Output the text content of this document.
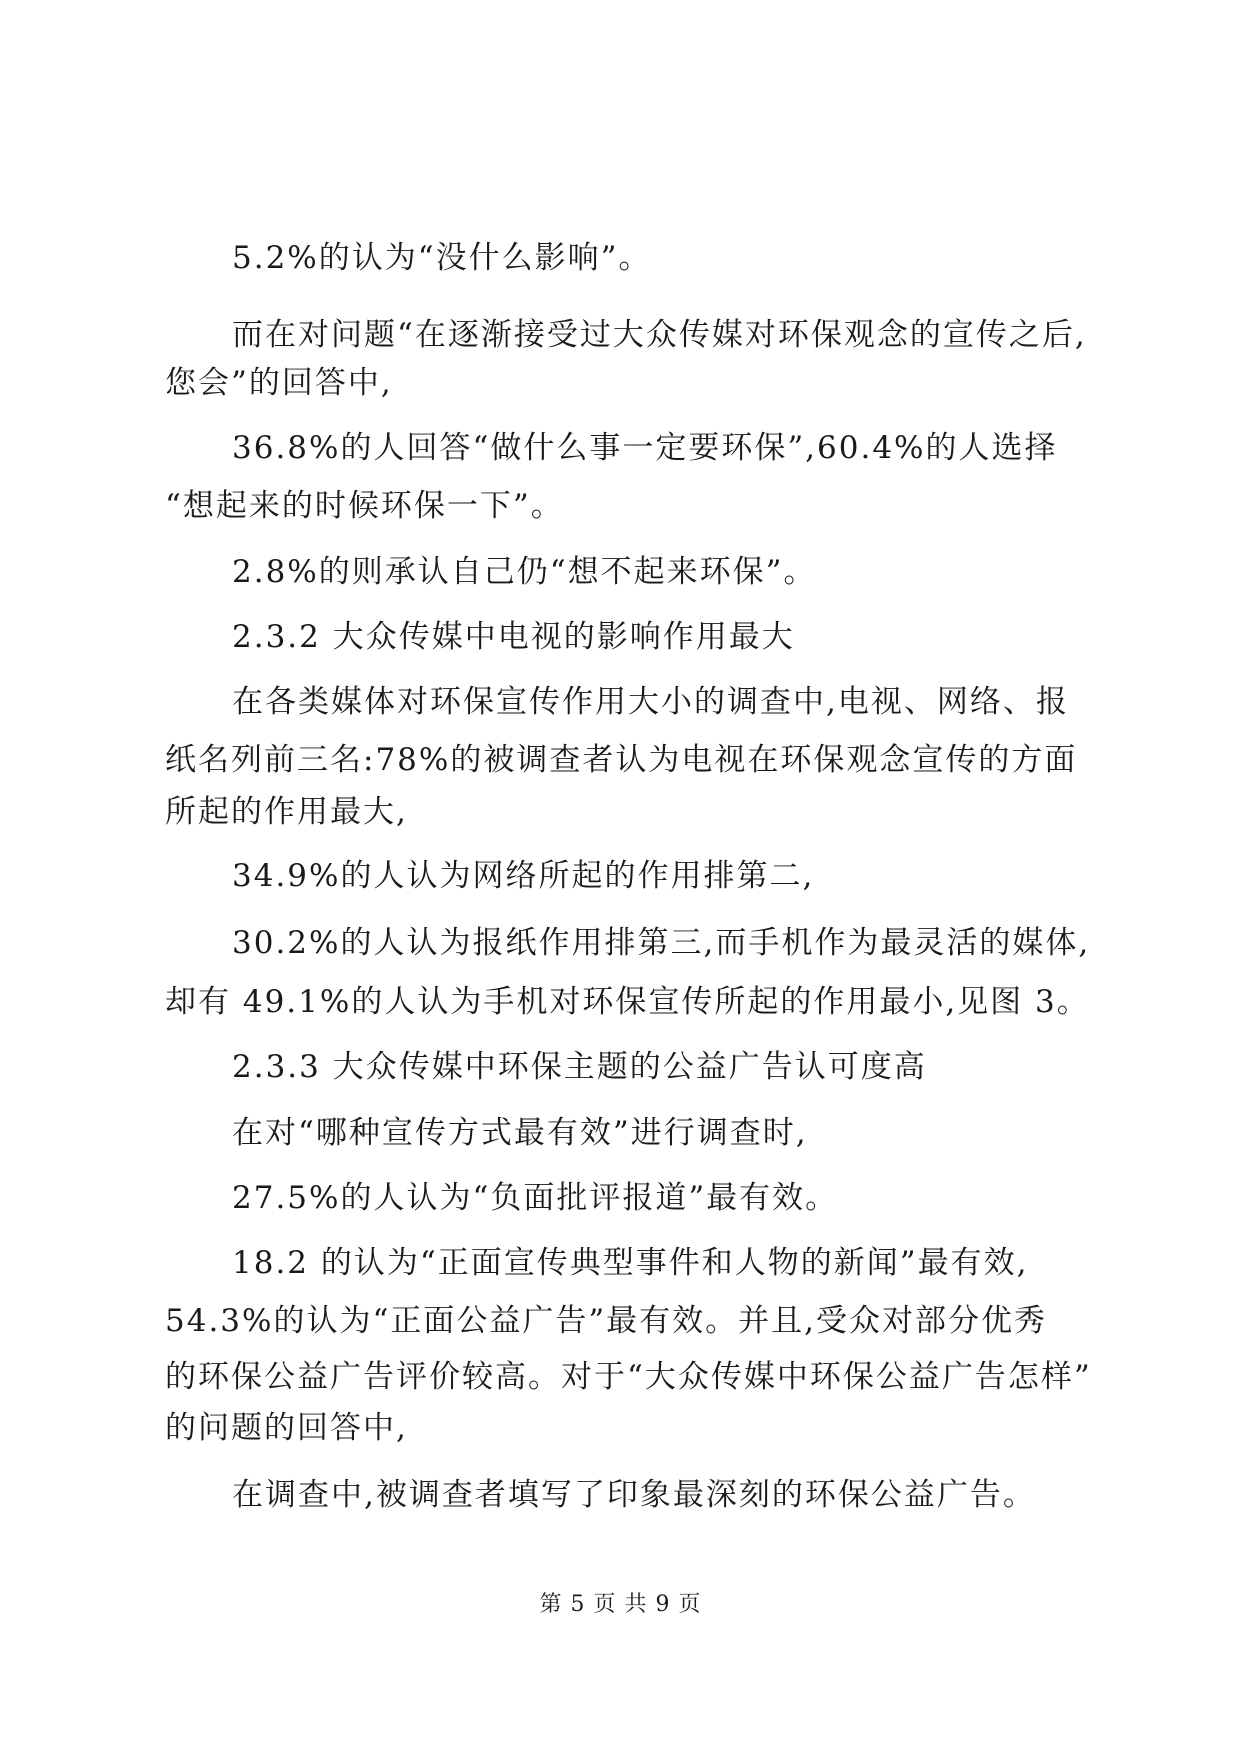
5.2%的认为“没什么影响”。
而在对问题“在逐渐接受过大众传媒对环保观念的宣传之后,
您会”的回答中,
36.8%的人回答“做什么事一定要环保”,60.4%的人选择
“想起来的时候环保一下”。
2.8%的则承认自己仍“想不起来环保”。
2.3.2 大众传媒中电视的影响作用最大
在各类媒体对环保宣传作用大小的调查中,电视、网络、报
纸名列前三名:78%的被调查者认为电视在环保观念宣传的方面
所起的作用最大,
34.9%的人认为网络所起的作用排第二,
30.2%的人认为报纸作用排第三,而手机作为最灵活的媒体,
却有 49.1%的人认为手机对环保宣传所起的作用最小,见图 3。
2.3.3 大众传媒中环保主题的公益广告认可度高
在对“哪种宣传方式最有效”进行调查时,
27.5%的人认为“负面批评报道”最有效。
18.2 的认为“正面宣传典型事件和人物的新闻”最有效,
54.3%的认为“正面公益广告”最有效。并且,受众对部分优秀
的环保公益广告评价较高。对于“大众传媒中环保公益广告怎样”
的问题的回答中,
在调查中,被调查者填写了印象最深刻的环保公益广告。
第 5 页 共 9 页
